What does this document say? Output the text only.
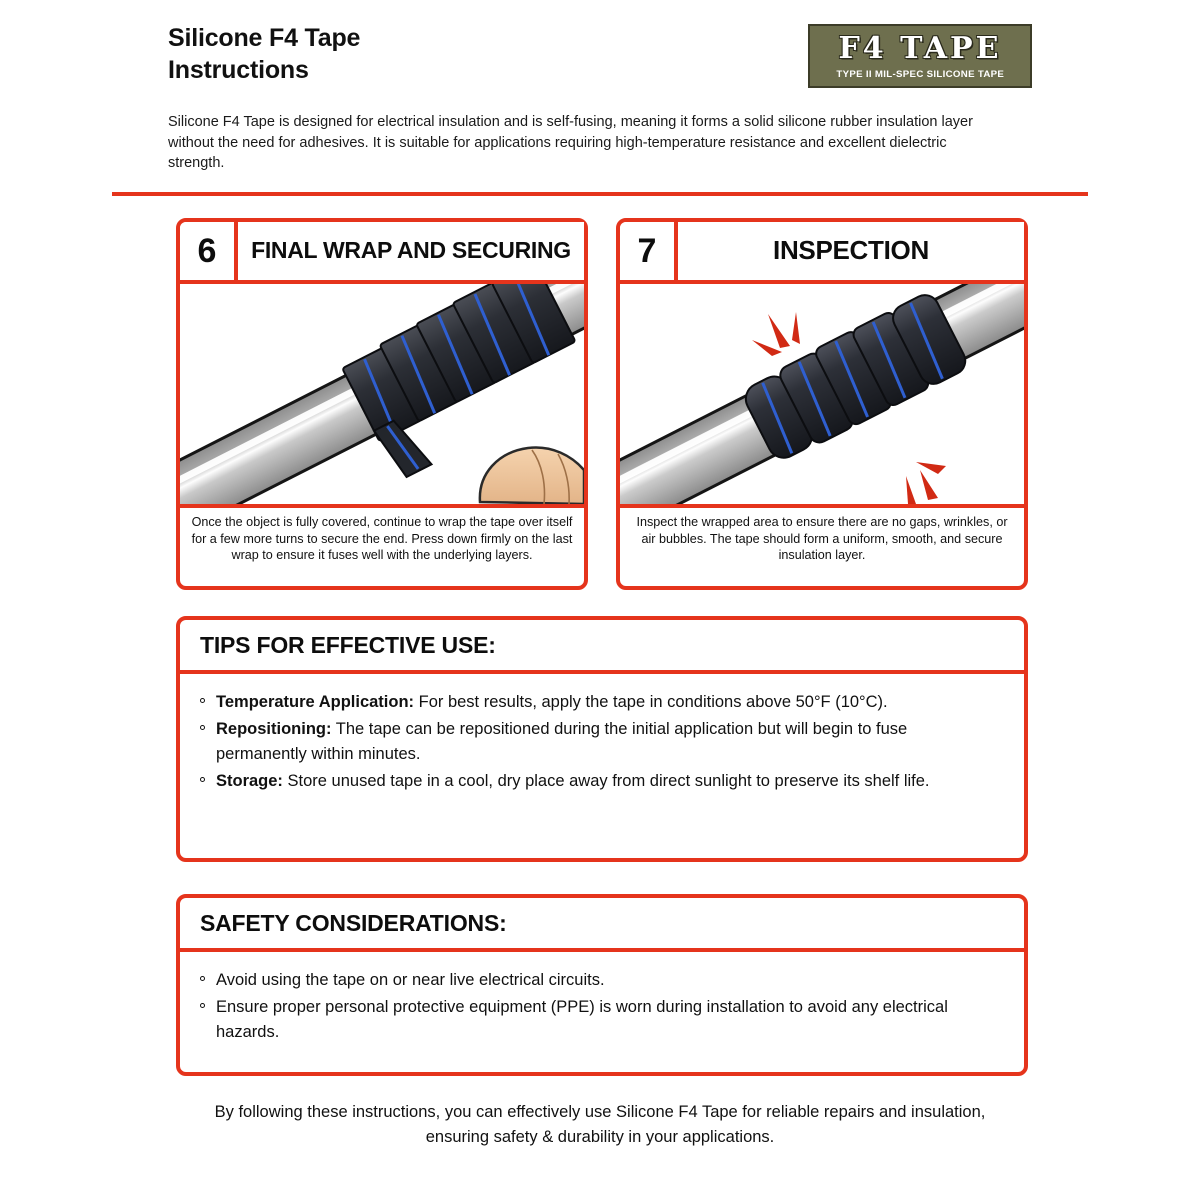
Silicone F4 Tape
Instructions
F4 TAPE
TYPE II MIL-SPEC SILICONE TAPE
Silicone F4 Tape is designed for electrical insulation and is self-fusing, meaning it forms a solid silicone rubber insulation layer without the need for adhesives. It is suitable for applications requiring high-temperature resistance and excellent dielectric strength.
6	FINAL WRAP AND SECURING
Once the object is fully covered, continue to wrap the tape over itself for a few more turns to secure the end. Press down firmly on the last wrap to ensure it fuses well with the underlying layers.
7	INSPECTION
Inspect the wrapped area to ensure there are no gaps, wrinkles, or air bubbles. The tape should form a uniform, smooth, and secure insulation layer.
TIPS FOR EFFECTIVE USE:
Temperature Application: For best results, apply the tape in conditions above 50°F (10°C).
Repositioning: The tape can be repositioned during the initial application but will begin to fuse permanently within minutes.
Storage: Store unused tape in a cool, dry place away from direct sunlight to preserve its shelf life.
SAFETY CONSIDERATIONS:
Avoid using the tape on or near live electrical circuits.
Ensure proper personal protective equipment (PPE) is worn during installation to avoid any electrical hazards.
By following these instructions, you can effectively use Silicone F4 Tape for reliable repairs and insulation, ensuring safety & durability in your applications.
